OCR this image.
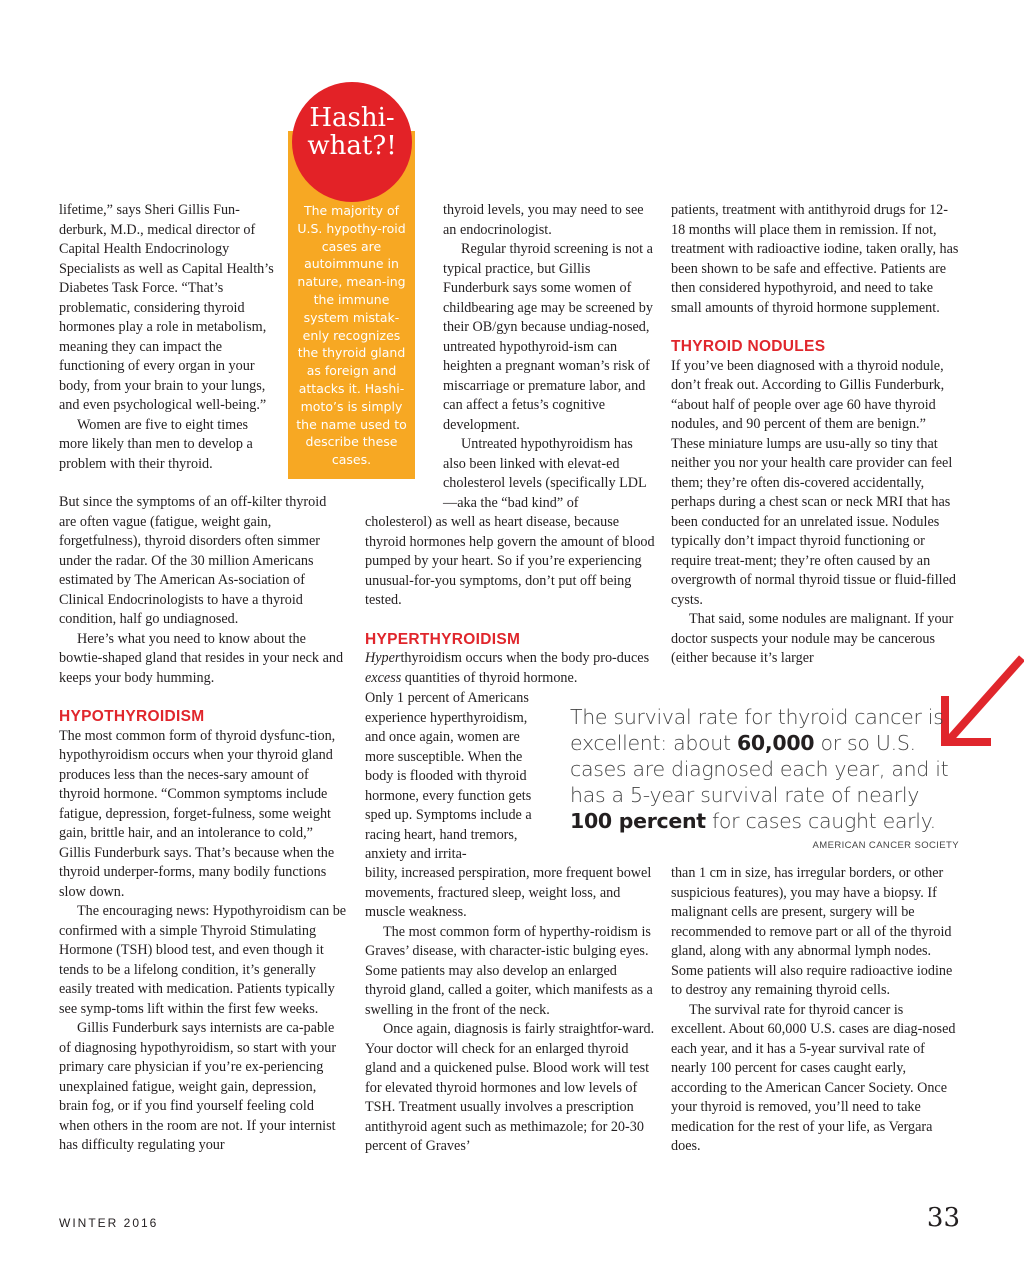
lifetime,” says Sheri Gillis Fun-derburk, M.D., medical director of Capital Health Endocrinology Specialists as well as Capital Health’s Diabetes Task Force. “That’s problematic, considering thyroid hormones play a role in metabolism, meaning they can impact the functioning of every organ in your body, from your brain to your lungs, and even psychological well-being.”

Women are five to eight times more likely than men to develop a problem with their thyroid.

But since the symptoms of an off-kilter thyroid are often vague (fatigue, weight gain, forgetfulness), thyroid disorders often simmer under the radar. Of the 30 million Americans estimated by The American As-sociation of Clinical Endocrinologists to have a thyroid condition, half go undiagnosed.

Here’s what you need to know about the bowtie-shaped gland that resides in your neck and keeps your body humming.

HYPOTHYROIDISM

The most common form of thyroid dysfunc-tion, hypothyroidism occurs when your thyroid gland produces less than the neces-sary amount of thyroid hormone. “Common symptoms include fatigue, depression, forget-fulness, some weight gain, brittle hair, and an intolerance to cold,” Gillis Funderburk says. That’s because when the thyroid underper-forms, many bodily functions slow down.

The encouraging news: Hypothyroidism can be confirmed with a simple Thyroid Stimulating Hormone (TSH) blood test, and even though it tends to be a lifelong condition, it’s generally easily treated with medication. Patients typically see symp-toms lift within the first few weeks.

Gillis Funderburk says internists are ca-pable of diagnosing hypothyroidism, so start with your primary care physician if you’re ex-periencing unexplained fatigue, weight gain, depression, brain fog, or if you find yourself feeling cold when others in the room are not. If your internist has difficulty regulating your

Hashi-
what?!
The majority of U.S. hypothy-roid cases are autoimmune in nature, mean-ing the immune system mistak-enly recognizes the thyroid gland as foreign and attacks it. Hashi-moto’s is simply the name used to describe these cases.

thyroid levels, you may need to see an endocrinologist.

Regular thyroid screening is not a typical practice, but Gillis Funderburk says some women of childbearing age may be screened by their OB/gyn because undiag-nosed, untreated hypothyroid-ism can heighten a pregnant woman’s risk of miscarriage or premature labor, and can affect a fetus’s cognitive development.

Untreated hypothyroidism has also been linked with elevat-ed cholesterol levels (specifically LDL—aka the “bad kind” of

cholesterol) as well as heart disease, because thyroid hormones help govern the amount of blood pumped by your heart. So if you’re experiencing unusual-for-you symptoms, don’t put off being tested.

HYPERTHYROIDISM

Hyperthyroidism occurs when the body pro-duces excess quantities of thyroid hormone.

Only 1 percent of Americans experience hyperthyroidism, and once again, women are more susceptible. When the body is flooded with thyroid hormone, every function gets sped up. Symptoms include a racing heart, hand tremors, anxiety and irrita-

bility, increased perspiration, more frequent bowel movements, fractured sleep, weight loss, and muscle weakness.

The most common form of hyperthy-roidism is Graves’ disease, with character-istic bulging eyes. Some patients may also develop an enlarged thyroid gland, called a goiter, which manifests as a swelling in the front of the neck.

Once again, diagnosis is fairly straightfor-ward. Your doctor will check for an enlarged thyroid gland and a quickened pulse. Blood work will test for elevated thyroid hormones and low levels of TSH. Treatment usually involves a prescription antithyroid agent such as methimazole; for 20-30 percent of Graves’

patients, treatment with antithyroid drugs for 12-18 months will place them in remission. If not, treatment with radioactive iodine, taken orally, has been shown to be safe and effective. Patients are then considered hypothyroid, and need to take small amounts of thyroid hormone supplement.

THYROID NODULES

If you’ve been diagnosed with a thyroid nodule, don’t freak out. According to Gillis Funderburk, “about half of people over age 60 have thyroid nodules, and 90 percent of them are benign.” These miniature lumps are usu-ally so tiny that neither you nor your health care provider can feel them; they’re often dis-covered accidentally, perhaps during a chest scan or neck MRI that has been conducted for an unrelated issue. Nodules typically don’t impact thyroid functioning or require treat-ment; they’re often caused by an overgrowth of normal thyroid tissue or fluid-filled cysts.

That said, some nodules are malignant. If your doctor suspects your nodule may be cancerous (either because it’s larger

than 1 cm in size, has irregular borders, or other suspicious features), you may have a biopsy. If malignant cells are present, surgery will be recommended to remove part or all of the thyroid gland, along with any abnormal lymph nodes. Some patients will also require radioactive iodine to destroy any remaining thyroid cells.

The survival rate for thyroid cancer is excellent. About 60,000 U.S. cases are diag-nosed each year, and it has a 5-year survival rate of nearly 100 percent for cases caught early, according to the American Cancer Society. Once your thyroid is removed, you’ll need to take medication for the rest of your life, as Vergara does.

The survival rate for thyroid cancer is excellent: about 60,000 or so U.S. cases are diagnosed each year, and it has a 5-year survival rate of nearly 100 percent for cases caught early.
AMERICAN CANCER SOCIETY
WINTER 2016	33
